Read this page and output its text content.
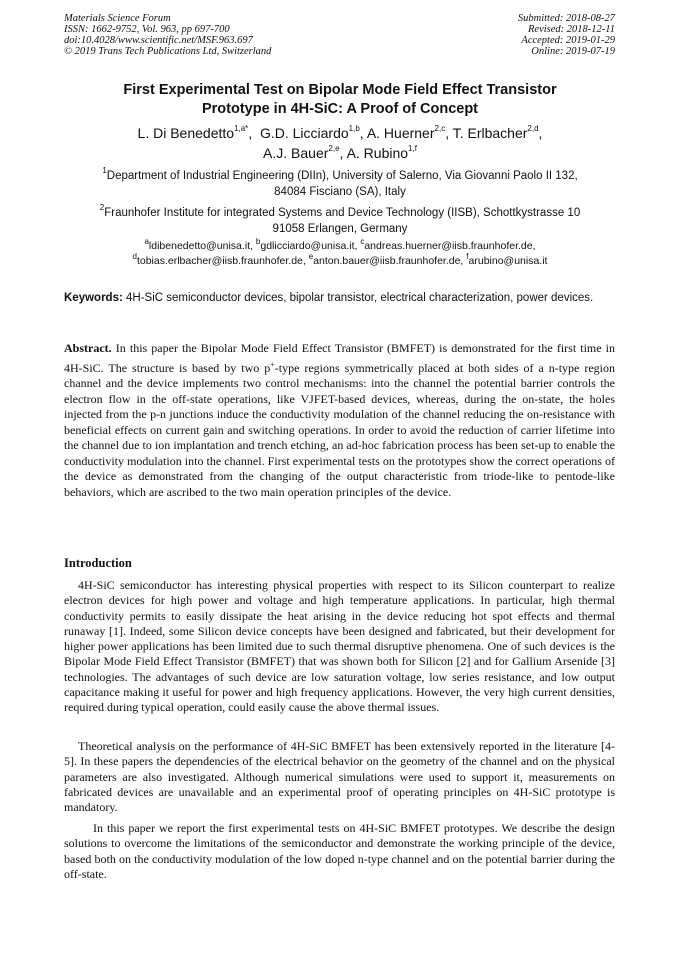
Materials Science Forum
ISSN: 1662-9752, Vol. 963, pp 697-700
doi:10.4028/www.scientific.net/MSF.963.697
© 2019 Trans Tech Publications Ltd, Switzerland
Submitted: 2018-08-27
Revised: 2018-12-11
Accepted: 2019-01-29
Online: 2019-07-19
First Experimental Test on Bipolar Mode Field Effect Transistor
Prototype in 4H-SiC: A Proof of Concept
L. Di Benedetto$^{1,a*}$,  G.D. Licciardo$^{1,b}$, A. Huerner$^{2,c}$, T. Erlbacher$^{2,d}$,
A.J. Bauer$^{2,e}$, A. Rubino$^{1,f}$
$^1$Department of Industrial Engineering (DIIn), University of Salerno, Via Giovanni Paolo II 132,
84084 Fisciano (SA), Italy
$^2$Fraunhofer Institute for integrated Systems and Device Technology (IISB), Schottkystrasse 10
91058 Erlangen, Germany
$^a$ldibenedetto@unisa.it, $^b$gdlicciardo@unisa.it, $^c$andreas.huerner@iisb.fraunhofer.de,
$^d$tobias.erlbacher@iisb.fraunhofer.de, $^e$anton.bauer@iisb.fraunhofer.de, $^f$arubino@unisa.it
Keywords: 4H-SiC semiconductor devices, bipolar transistor, electrical characterization, power devices.
Abstract. In this paper the Bipolar Mode Field Effect Transistor (BMFET) is demonstrated for the first time in 4H-SiC. The structure is based by two p+-type regions symmetrically placed at both sides of a n-type region channel and the device implements two control mechanisms: into the channel the potential barrier controls the electron flow in the off-state operations, like VJFET-based devices, whereas, during the on-state, the holes injected from the p-n junctions induce the conductivity modulation of the channel reducing the on-resistance with beneficial effects on current gain and switching operations. In order to avoid the reduction of carrier lifetime into the channel due to ion implantation and trench etching, an ad-hoc fabrication process has been set-up to enable the conductivity modulation into the channel. First experimental tests on the prototypes show the correct operations of the device as demonstrated from the changing of the output characteristic from triode-like to pentode-like behaviors, which are ascribed to the two main operation principles of the device.
Introduction
4H-SiC semiconductor has interesting physical properties with respect to its Silicon counterpart to realize electron devices for high power and voltage and high temperature applications. In particular, high thermal conductivity permits to easily dissipate the heat arising in the device reducing hot spot effects and thermal runaway [1]. Indeed, some Silicon device concepts have been designed and fabricated, but their development for higher power applications has been limited due to such thermal disruptive phenomena. One of such devices is the Bipolar Mode Field Effect Transistor (BMFET) that was shown both for Silicon [2] and for Gallium Arsenide [3] technologies. The advantages of such device are low saturation voltage, low series resistance, and low output capacitance making it useful for power and high frequency applications. However, the very high current densities, required during typical operation, could easily cause the above thermal issues.
Theoretical analysis on the performance of 4H-SiC BMFET has been extensively reported in the literature [4-5]. In these papers the dependencies of the electrical behavior on the geometry of the channel and on the physical parameters are also investigated. Although numerical simulations were used to support it, measurements on fabricated devices are unavailable and an experimental proof of operating principles on 4H-SiC prototype is mandatory.
In this paper we report the first experimental tests on 4H-SiC BMFET prototypes. We describe the design solutions to overcome the limitations of the semiconductor and demonstrate the working principle of the device, based both on the conductivity modulation of the low doped n-type channel and on the potential barrier during the off-state.
